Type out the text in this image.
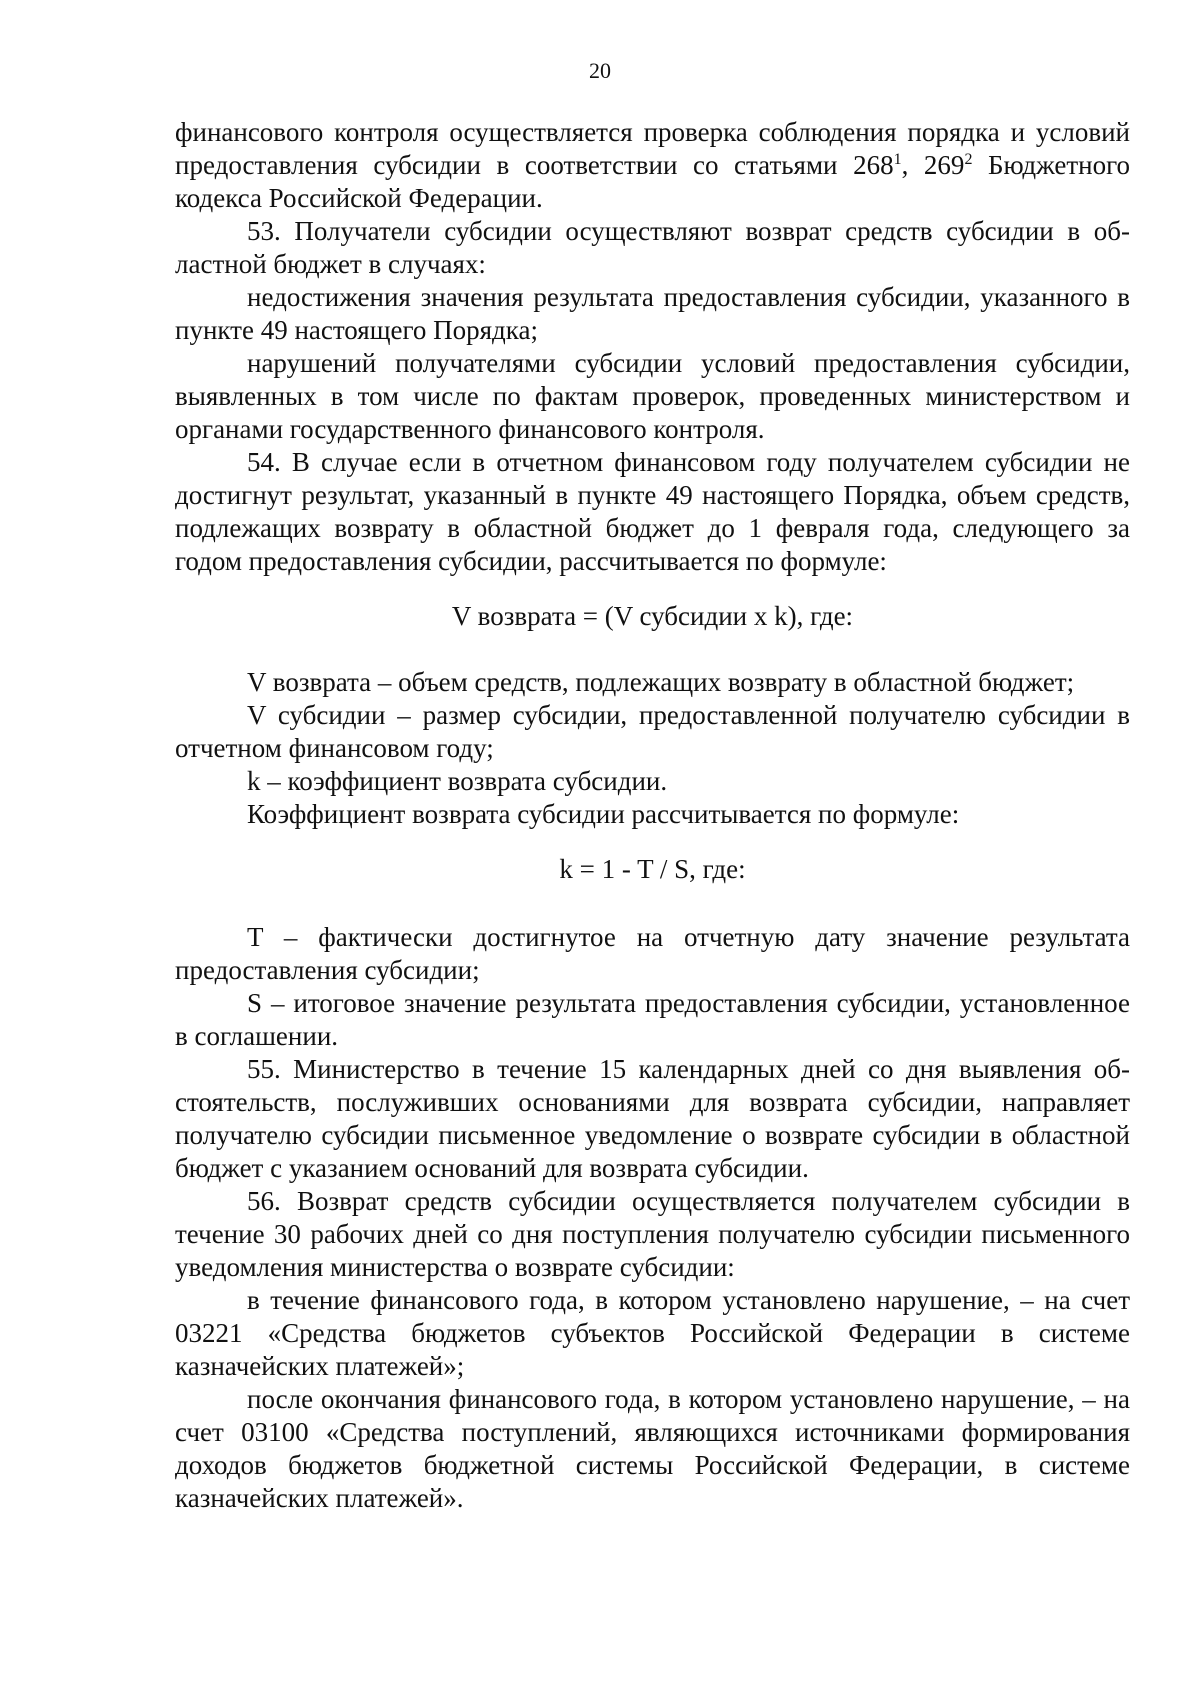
20

финансового контроля осуществляется проверка соблюдения порядка и условий предоставления субсидии в соответствии со статьями $268^1$, $269^2$ Бюджетного кодекса Российской Федерации.

53. Получатели субсидии осуществляют возврат средств субсидии в областной бюджет в случаях:

недостижения значения результата предоставления субсидии, указанного в пункте 49 настоящего Порядка;

нарушений получателями субсидии условий предоставления субсидии, выявленных в том числе по фактам проверок, проведенных министерством и органами государственного финансового контроля.

54. В случае если в отчетном финансовом году получателем субсидии не достигнут результат, указанный в пункте 49 настоящего Порядка, объем средств, подлежащих возврату в областной бюджет до 1 февраля года, следующего за годом предоставления субсидии, рассчитывается по формуле:

V возврата = (V субсидии x k), где:

V возврата – объем средств, подлежащих возврату в областной бюджет;

V субсидии – размер субсидии, предоставленной получателю субсидии в отчетном финансовом году;

k – коэффициент возврата субсидии.

Коэффициент возврата субсидии рассчитывается по формуле:

k = 1 - T / S, где:

T – фактически достигнутое на отчетную дату значение результата предоставления субсидии;

S – итоговое значение результата предоставления субсидии, установленное в соглашении.

55. Министерство в течение 15 календарных дней со дня выявления обстоятельств, послуживших основаниями для возврата субсидии, направляет получателю субсидии письменное уведомление о возврате субсидии в областной бюджет с указанием оснований для возврата субсидии.

56. Возврат средств субсидии осуществляется получателем субсидии в течение 30 рабочих дней со дня поступления получателю субсидии письменного уведомления министерства о возврате субсидии:

в течение финансового года, в котором установлено нарушение, – на счет 03221 «Средства бюджетов субъектов Российской Федерации в системе казначейских платежей»;

после окончания финансового года, в котором установлено нарушение, – на счет 03100 «Средства поступлений, являющихся источниками формирования доходов бюджетов бюджетной системы Российской Федерации, в системе казначейских платежей».
